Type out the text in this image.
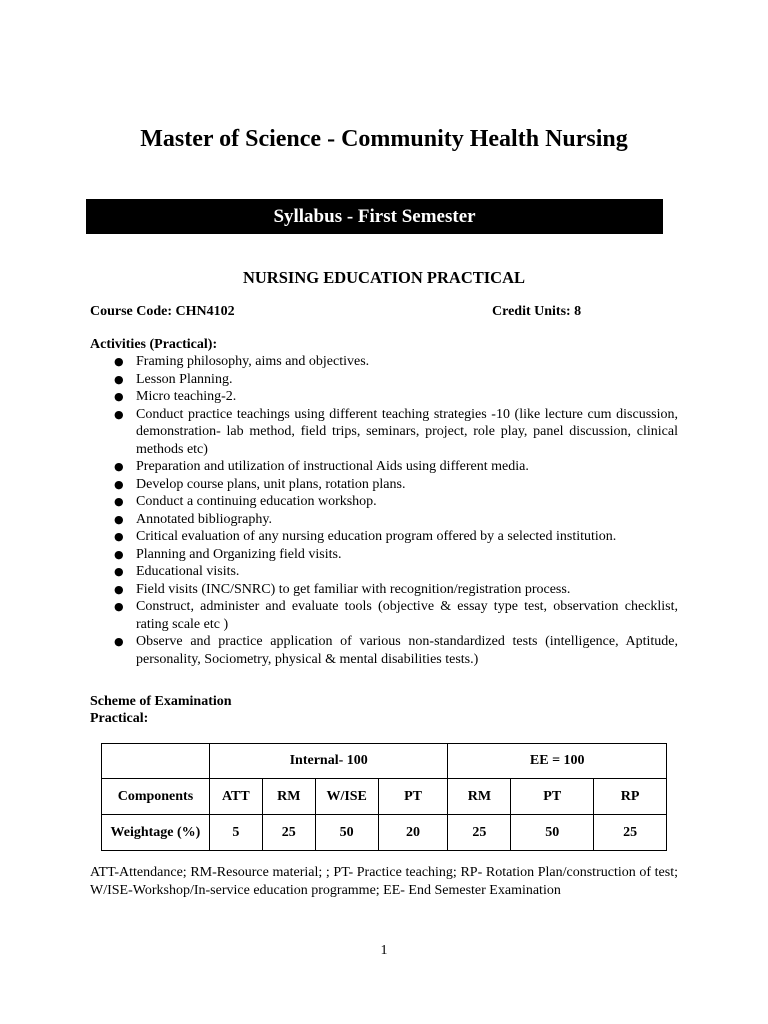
Master of Science - Community Health Nursing
Syllabus - First Semester
NURSING EDUCATION PRACTICAL
Course Code: CHN4102	Credit Units: 8
Activities (Practical):
● Framing philosophy, aims and objectives.
● Lesson Planning.
● Micro teaching-2.
● Conduct practice teachings using different teaching strategies -10 (like lecture cum discussion, demonstration- lab method, field trips, seminars, project, role play, panel discussion, clinical methods etc)
● Preparation and utilization of instructional Aids using different media.
● Develop course plans, unit plans, rotation plans.
● Conduct a continuing education workshop.
● Annotated bibliography.
● Critical evaluation of any nursing education program offered by a selected institution.
● Planning and Organizing field visits.
● Educational visits.
● Field visits (INC/SNRC) to get familiar with recognition/registration process.
● Construct, administer and evaluate tools (objective & essay type test, observation checklist, rating scale etc )
● Observe and practice application of various non-standardized tests (intelligence, Aptitude, personality, Sociometry, physical & mental disabilities tests.)
Scheme of Examination
Practical:
	Internal- 100				EE = 100		
Components	ATT	RM	W/ISE	PT	RM	PT	RP
Weightage (%)	5	25	50	20	25	50	25
ATT-Attendance; RM-Resource material; ; PT- Practice teaching; RP- Rotation Plan/construction of test; W/ISE-Workshop/In-service education programme; EE- End Semester Examination
1
